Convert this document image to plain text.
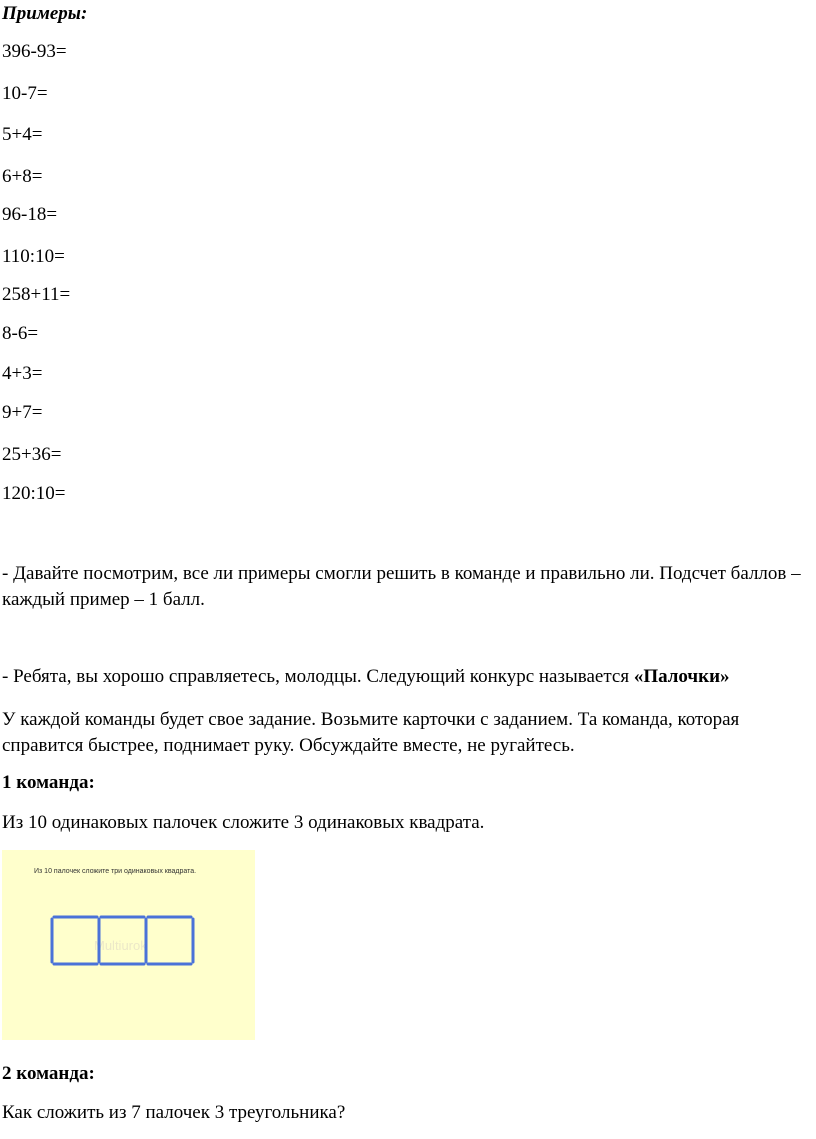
Примеры:
396-93=
10-7=
5+4=
6+8=
96-18=
110:10=
258+11=
8-6=
4+3=
9+7=
25+36=
120:10=
- Давайте посмотрим, все ли примеры смогли решить в команде и правильно ли. Подсчет баллов – каждый пример – 1 балл.
- Ребята, вы хорошо справляетесь, молодцы. Следующий конкурс называется «Палочки»
У каждой команды будет свое задание. Возьмите карточки с заданием. Та команда, которая справится быстрее, поднимает руку. Обсуждайте вместе, не ругайтесь.
1 команда:
Из 10 одинаковых палочек сложите 3 одинаковых квадрата.
Из 10 палочек сложите три одинаковых квадрата.
Multiurok
2 команда:
Как сложить из 7 палочек 3 треугольника?
